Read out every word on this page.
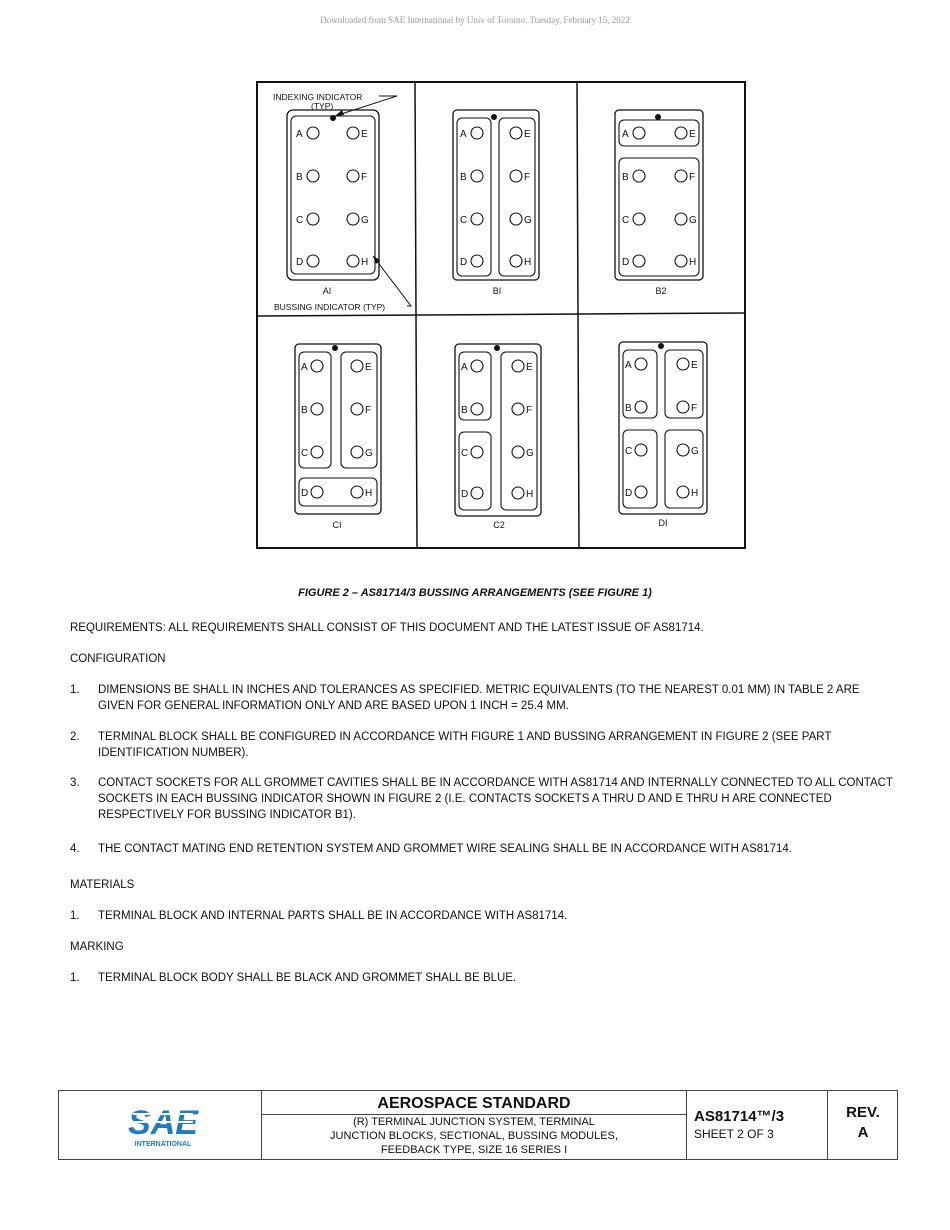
Downloaded from SAE International by Univ of Toronto, Tuesday, February 15, 2022
A	E
B	F
C	G
D	H
AI
INDEXING INDICATOR
(TYP)
BUSSING INDICATOR (TYP)
A	E
B	F
C	G
D	H
BI
A	E
B	F
C	G
D	H
B2
A	E
B	F
C	G
D	H
CI
A	E
B	F
C	G
D	H
C2
A	E
B	F
C	G
D	H
DI
FIGURE 2 – AS81714/3 BUSSING ARRANGEMENTS (SEE FIGURE 1)
REQUIREMENTS: ALL REQUIREMENTS SHALL CONSIST OF THIS DOCUMENT AND THE LATEST ISSUE OF AS81714.
CONFIGURATION
1. DIMENSIONS BE SHALL IN INCHES AND TOLERANCES AS SPECIFIED. METRIC EQUIVALENTS (TO THE NEAREST 0.01 MM) IN TABLE 2 ARE GIVEN FOR GENERAL INFORMATION ONLY AND ARE BASED UPON 1 INCH = 25.4 MM.
2. TERMINAL BLOCK SHALL BE CONFIGURED IN ACCORDANCE WITH FIGURE 1 AND BUSSING ARRANGEMENT IN FIGURE 2 (SEE PART IDENTIFICATION NUMBER).
3. CONTACT SOCKETS FOR ALL GROMMET CAVITIES SHALL BE IN ACCORDANCE WITH AS81714 AND INTERNALLY CONNECTED TO ALL CONTACT SOCKETS IN EACH BUSSING INDICATOR SHOWN IN FIGURE 2 (I.E. CONTACTS SOCKETS A THRU D AND E THRU H ARE CONNECTED RESPECTIVELY FOR BUSSING INDICATOR B1).
4. THE CONTACT MATING END RETENTION SYSTEM AND GROMMET WIRE SEALING SHALL BE IN ACCORDANCE WITH AS81714.
MATERIALS
1. TERMINAL BLOCK AND INTERNAL PARTS SHALL BE IN ACCORDANCE WITH AS81714.
MARKING
1. TERMINAL BLOCK BODY SHALL BE BLACK AND GROMMET SHALL BE BLUE.
SAE
INTERNATIONAL
AEROSPACE STANDARD
(R) TERMINAL JUNCTION SYSTEM, TERMINAL
JUNCTION BLOCKS, SECTIONAL, BUSSING MODULES,
FEEDBACK TYPE, SIZE 16 SERIES I
AS81714™/3
SHEET 2 OF 3
REV.
A
